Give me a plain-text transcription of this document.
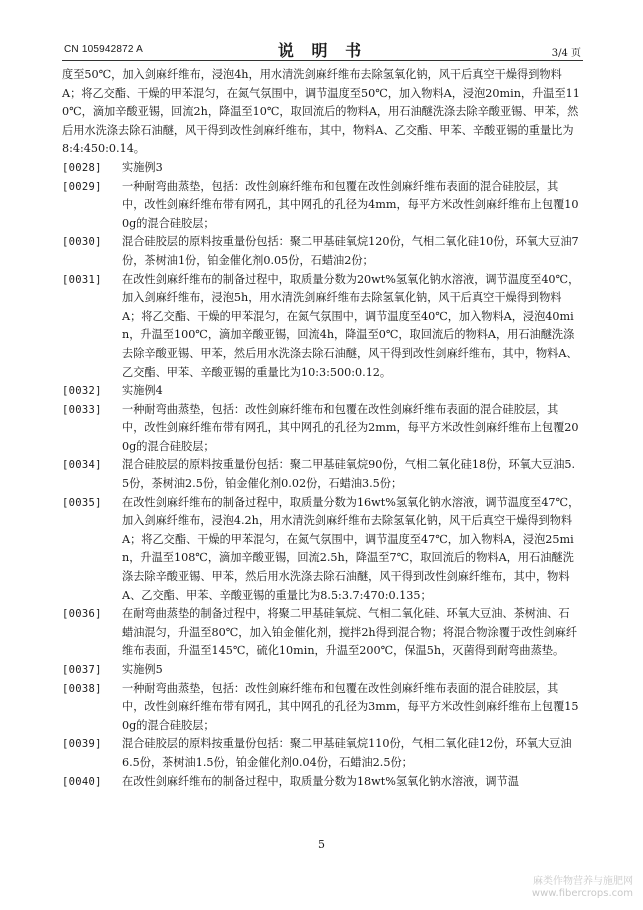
CN 105942872 A	说 明 书	3/4 页
度至50℃，加入剑麻纤维布，浸泡4h，用水清洗剑麻纤维布去除氢氧化钠，风干后真空干燥得到物料A；将乙交酯、干燥的甲苯混匀，在氮气氛围中，调节温度至50℃，加入物料A，浸泡20min，升温至110℃，滴加辛酸亚锡，回流2h，降温至10℃，取回流后的物料A，用石油醚洗涤去除辛酸亚锡、甲苯，然后用水洗涤去除石油醚，风干得到改性剑麻纤维布，其中，物料A、乙交酯、甲苯、辛酸亚锡的重量比为8:4:450:0.14。
[0028] 实施例3
[0029] 一种耐弯曲蒸垫，包括：改性剑麻纤维布和包覆在改性剑麻纤维布表面的混合硅胶层，其中，改性剑麻纤维布带有网孔，其中网孔的孔径为4mm，每平方米改性剑麻纤维布上包覆100g的混合硅胶层；
[0030] 混合硅胶层的原料按重量份包括：聚二甲基硅氧烷120份，气相二氧化硅10份，环氧大豆油7份，茶树油1份，铂金催化剂0.05份，石蜡油2份；
[0031] 在改性剑麻纤维布的制备过程中，取质量分数为20wt%氢氧化钠水溶液，调节温度至40℃，加入剑麻纤维布，浸泡5h，用水清洗剑麻纤维布去除氢氧化钠，风干后真空干燥得到物料A；将乙交酯、干燥的甲苯混匀，在氮气氛围中，调节温度至40℃，加入物料A，浸泡40min，升温至100℃，滴加辛酸亚锡，回流4h，降温至0℃，取回流后的物料A，用石油醚洗涤去除辛酸亚锡、甲苯，然后用水洗涤去除石油醚，风干得到改性剑麻纤维布，其中，物料A、乙交酯、甲苯、辛酸亚锡的重量比为10:3:500:0.12。
[0032] 实施例4
[0033] 一种耐弯曲蒸垫，包括：改性剑麻纤维布和包覆在改性剑麻纤维布表面的混合硅胶层，其中，改性剑麻纤维布带有网孔，其中网孔的孔径为2mm，每平方米改性剑麻纤维布上包覆200g的混合硅胶层；
[0034] 混合硅胶层的原料按重量份包括：聚二甲基硅氧烷90份，气相二氧化硅18份，环氧大豆油5.5份，茶树油2.5份，铂金催化剂0.02份，石蜡油3.5份；
[0035] 在改性剑麻纤维布的制备过程中，取质量分数为16wt%氢氧化钠水溶液，调节温度至47℃，加入剑麻纤维布，浸泡4.2h，用水清洗剑麻纤维布去除氢氧化钠，风干后真空干燥得到物料A；将乙交酯、干燥的甲苯混匀，在氮气氛围中，调节温度至47℃，加入物料A，浸泡25min，升温至108℃，滴加辛酸亚锡，回流2.5h，降温至7℃，取回流后的物料A，用石油醚洗涤去除辛酸亚锡、甲苯，然后用水洗涤去除石油醚，风干得到改性剑麻纤维布，其中，物料A、乙交酯、甲苯、辛酸亚锡的重量比为8.5:3.7:470:0.135；
[0036] 在耐弯曲蒸垫的制备过程中，将聚二甲基硅氧烷、气相二氧化硅、环氧大豆油、茶树油、石蜡油混匀，升温至80℃，加入铂金催化剂，搅拌2h得到混合物；将混合物涂覆于改性剑麻纤维布表面，升温至145℃，硫化10min，升温至200℃，保温5h，灭菌得到耐弯曲蒸垫。
[0037] 实施例5
[0038] 一种耐弯曲蒸垫，包括：改性剑麻纤维布和包覆在改性剑麻纤维布表面的混合硅胶层，其中，改性剑麻纤维布带有网孔，其中网孔的孔径为3mm，每平方米改性剑麻纤维布上包覆150g的混合硅胶层；
[0039] 混合硅胶层的原料按重量份包括：聚二甲基硅氧烷110份，气相二氧化硅12份，环氧大豆油6.5份，茶树油1.5份，铂金催化剂0.04份，石蜡油2.5份；
[0040] 在改性剑麻纤维布的制备过程中，取质量分数为18wt%氢氧化钠水溶液，调节温
5
麻类作物营养与施肥网
www.fibercrops.com
